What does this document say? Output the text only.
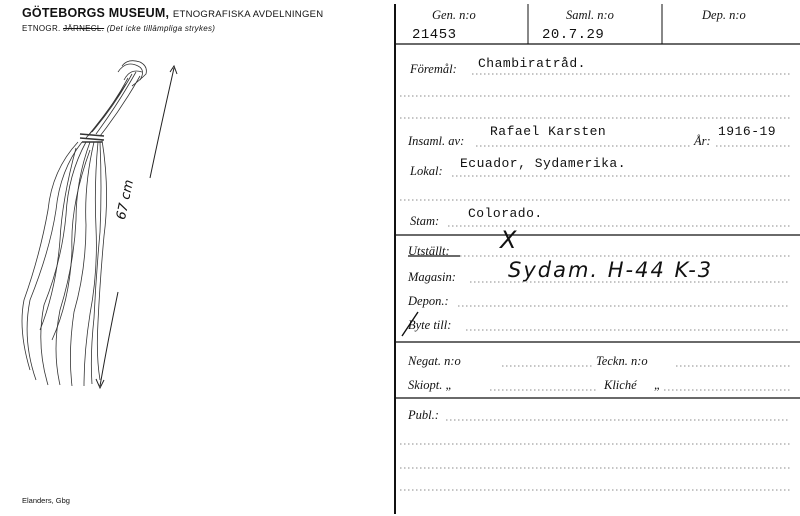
GÖTEBORGS MUSEUM, ETNOGRAFISKA AVDELNINGEN
ETNOGR. JÄRNECL. (Det icke tillämpliga strykes)
67 cm
Elanders, Gbg
Gen. n:o
21453
Saml. n:o
20.7.29
Dep. n:o
Föremål: Chambiratråd.
Insaml. av:
Rafael Karsten
År:
1916-19
Lokal: Ecuador, Sydamerika.
Stam: Colorado.
Utställt: X
Magasin: Sydam. H-44 K-3
Depon.:
Byte till:
Negat. n:o	Teckn. n:o
Skiopt. „	Kliché „
Publ.:
